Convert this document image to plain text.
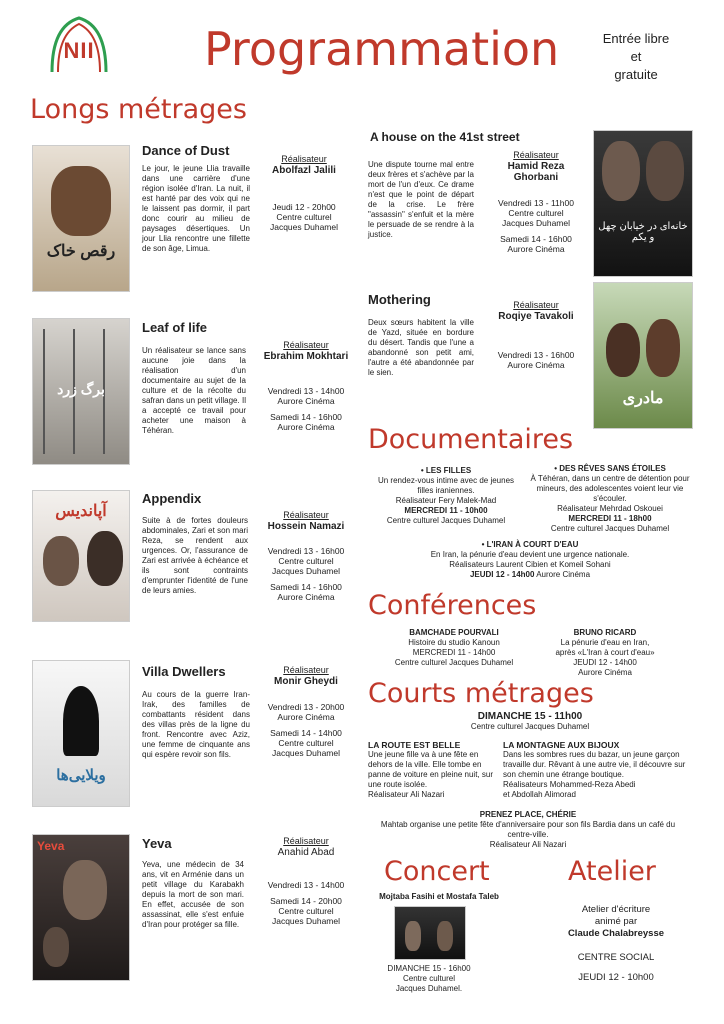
NII	Programmation	Entrée libre
et
gratuite
Longs métrages
رقص خاک
Dance of Dust
Le jour, le jeune Llia travaille dans une carrière d'une région isolée d'Iran. La nuit, il est hanté par des voix qui ne le laissent pas dormir, il part donc courir au milieu de paysages désertiques. Un jour Llia rencontre une fillette de son âge, Limua.
Réalisateur
Abolfazl Jalili
Jeudi 12 - 20h00
Centre culturel
Jacques Duhamel
برگ زرد
Leaf of life
Un réalisateur se lance sans aucune joie dans la réalisation d'un documentaire au sujet de la culture et de la récolte du safran dans un petit village. Il a accepté ce travail pour acheter une maison à Téhéran.
Réalisateur
Ebrahim Mokhtari
Vendredi 13 - 14h00
Aurore Cinéma
Samedi 14 - 16h00
Aurore Cinéma
آپاندیس
Appendix
Suite à de fortes douleurs abdominales, Zari et son mari Reza, se rendent aux urgences. Or, l'assurance de Zari est arrivée à échéance et ils sont contraints d'emprunter l'identité de l'une de leurs amies.
Réalisateur
Hossein Namazi
Vendredi 13 - 16h00
Centre culturel
Jacques Duhamel
Samedi 14 - 16h00
Aurore Cinéma
ویلایی‌ها
Villa Dwellers
Au cours de la guerre Iran-Irak, des familles de combattants résident dans des villas près de la ligne du front. Rencontre avec Aziz, une femme de cinquante ans qui espère revoir son fils.
Réalisateur
Monir Gheydi
Vendredi 13 - 20h00
Aurore Cinéma
Samedi 14 - 14h00
Centre culturel
Jacques Duhamel
Yeva	Yeva
Yeva, une médecin de 34 ans, vit en Arménie dans un petit village du Karabakh depuis la mort de son mari. En effet, accusée de son assassinat, elle s'est enfuie d'Iran pour protéger sa fille.
Réalisateur
Anahid Abad
Vendredi 13 - 14h00
Samedi 14 - 20h00
Centre culturel
Jacques Duhamel
A house on the 41st street
Une dispute tourne mal entre deux frères et s'achève par la mort de l'un d'eux. Ce drame n'est que le point de départ de la crise. Le frère "assassin" s'enfuit et la mère le persuade de se rendre à la justice.
Réalisateur
Hamid Reza
Ghorbani
Vendredi 13 - 11h00
Centre culturel
Jacques Duhamel
Samedi 14 - 16h00
Aurore Cinéma
خانه‌ای در خیابان چهل و یکم
Mothering
Deux sœurs habitent la ville de Yazd, située en bordure du désert. Tandis que l'une a abandonné son petit ami, l'autre a été abandonnée par le sien.
Réalisateur
Roqiye Tavakoli
Vendredi 13 - 16h00
Aurore Cinéma
مادری
Documentaires
• LES FILLES
Un rendez-vous intime avec de jeunes
filles iraniennes.
Réalisateur Fery Malek-Mad
MERCREDI 11 - 10h00
Centre culturel Jacques Duhamel
• DES RÊVES SANS ÉTOILES
À Téhéran, dans un centre de détention pour
mineurs, des adolescentes voient leur vie
s'écouler.
Réalisateur Mehrdad Oskouei
MERCREDI 11 - 18h00
Centre culturel Jacques Duhamel
• L'IRAN À COURT D'EAU
En Iran, la pénurie d'eau devient une urgence nationale.
Réalisateurs Laurent Cibien et Komeil Sohani
JEUDI 12 - 14h00 Aurore Cinéma
Conférences
BAMCHADE POURVALI
Histoire du studio Kanoun
MERCREDI 11 - 14h00
Centre culturel Jacques Duhamel
BRUNO RICARD
La pénurie d'eau en Iran,
après «L'Iran à court d'eau»
JEUDI 12 - 14h00
Aurore Cinéma
Courts métrages
DIMANCHE 15 - 11h00
Centre culturel Jacques Duhamel
LA ROUTE EST BELLE
Une jeune fille va à une fête en dehors de la ville. Elle tombe en panne de voiture en pleine nuit, sur une route isolée.
Réalisateur Ali Nazari
LA MONTAGNE AUX BIJOUX
Dans les sombres rues du bazar, un jeune garçon travaille dur. Rêvant à une autre vie, il découvre sur son chemin une étrange boutique.
Réalisateurs Mohammed-Reza Abedi
et Abdollah Alimorad
PRENEZ PLACE, CHÉRIE
Mahtab organise une petite fête d'anniversaire pour son fils Bardia dans un café du
centre-ville.
Réalisateur Ali Nazari
Concert
Mojtaba Fasihi et Mostafa Taleb
DIMANCHE 15 - 16h00
Centre culturel
Jacques Duhamel.
Atelier
Atelier d'écriture
animé par
Claude Chalabreysse
CENTRE SOCIAL
JEUDI 12 - 10h00
